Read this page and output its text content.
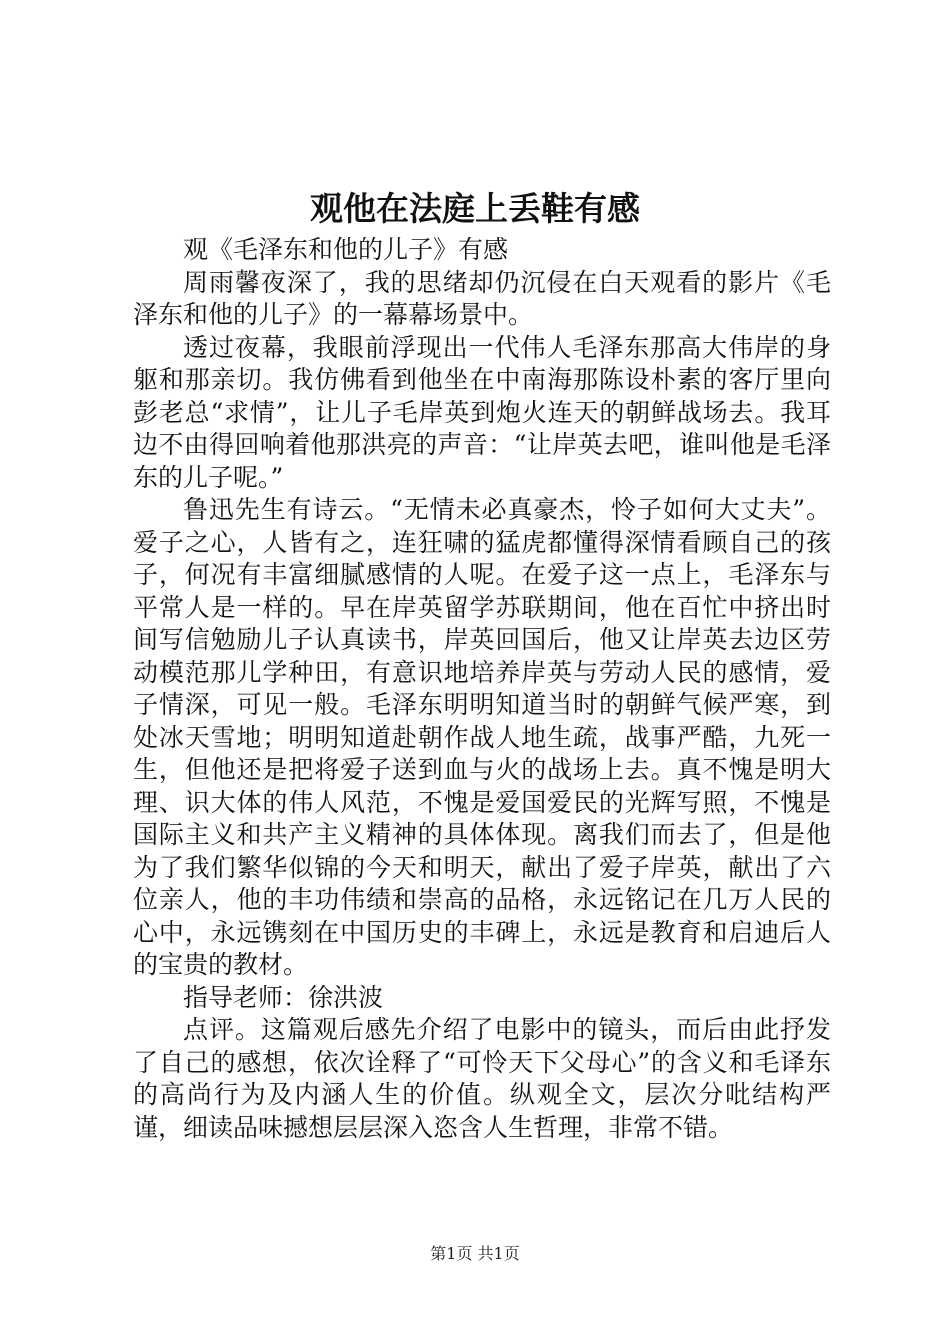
观他在法庭上丢鞋有感

观《毛泽东和他的儿子》有感

周雨馨夜深了，我的思绪却仍沉侵在白天观看的影片《毛泽东和他的儿子》的一幕幕场景中。

透过夜幕，我眼前浮现出一代伟人毛泽东那高大伟岸的身躯和那亲切。我仿佛看到他坐在中南海那陈设朴素的客厅里向彭老总“求情”，让儿子毛岸英到炮火连天的朝鲜战场去。我耳边不由得回响着他那洪亮的声音：“让岸英去吧，谁叫他是毛泽东的儿子呢。”

鲁迅先生有诗云。“无情未必真豪杰，怜子如何大丈夫”。爱子之心，人皆有之，连狂啸的猛虎都懂得深情看顾自己的孩子，何况有丰富细腻感情的人呢。在爱子这一点上，毛泽东与平常人是一样的。早在岸英留学苏联期间，他在百忙中挤出时间写信勉励儿子认真读书，岸英回国后，他又让岸英去边区劳动模范那儿学种田，有意识地培养岸英与劳动人民的感情，爱子情深，可见一般。毛泽东明明知道当时的朝鲜气候严寒，到处冰天雪地；明明知道赴朝作战人地生疏，战事严酷，九死一生，但他还是把将爱子送到血与火的战场上去。真不愧是明大理、识大体的伟人风范，不愧是爱国爱民的光辉写照，不愧是国际主义和共产主义精神的具体体现。离我们而去了，但是他为了我们繁华似锦的今天和明天，献出了爱子岸英，献出了六位亲人，他的丰功伟绩和崇高的品格，永远铭记在几万人民的心中，永远镌刻在中国历史的丰碑上，永远是教育和启迪后人的宝贵的教材。

指导老师：徐洪波

点评。这篇观后感先介绍了电影中的镜头，而后由此抒发了自己的感想，依次诠释了“可怜天下父母心”的含义和毛译东的高尚行为及内涵人生的价值。纵观全文，层次分吡结构严谨，细读品味撼想层层深入恣含人生哲理，非常不错。

第1页 共1页
